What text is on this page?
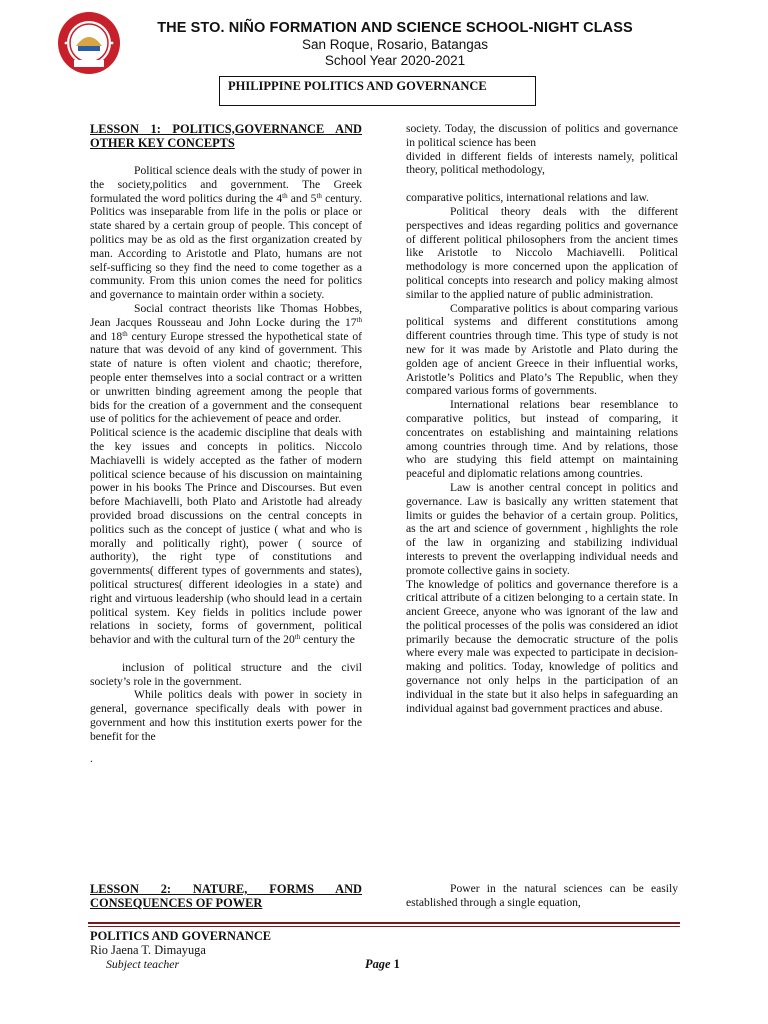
THE STO. NIÑO FORMATION AND SCIENCE SCHOOL-NIGHT CLASS
San Roque, Rosario, Batangas
School Year 2020-2021
PHILIPPINE POLITICS AND GOVERNANCE

LESSON 1: POLITICS,GOVERNANCE AND OTHER KEY CONCEPTS

Political science deals with the study of power in the society,politics and government. The Greek formulated the word politics during the 4th and 5th century. Politics was inseparable from life in the polis or place or state shared by a certain group of people. This concept of politics may be as old as the first organization created by man. According to Aristotle and Plato, humans are not self-sufficing so they find the need to come together as a community. From this union comes the need for politics and governance to maintain order within a society.

Social contract theorists like Thomas Hobbes, Jean Jacques Rousseau and John Locke during the 17th and 18th century Europe stressed the hypothetical state of nature that was devoid of any kind of government. This state of nature is often violent and chaotic; therefore, people enter themselves into a social contract or a written or unwritten binding agreement among the people that bids for the creation of a government and the consequent use of politics for the achievement of peace and order.

Political science is the academic discipline that deals with the key issues and concepts in politics. Niccolo Machiavelli is widely accepted as the father of modern political science because of his discussion on maintaining power in his books The Prince and Discourses. But even before Machiavelli, both Plato and Aristotle had already provided broad discussions on the central concepts in politics such as the concept of justice ( what and who is morally and politically right), power ( source of authority), the right type of constitutions and governments( different types of governments and states), political structures( different ideologies in a state) and right and virtuous leadership (who should lead in a certain political system. Key fields in politics include power relations in society, forms of government, political behavior and with the cultural turn of the 20th century the

inclusion of political structure and the civil society’s role in the government.

While politics deals with power in society in general, governance specifically deals with power in government and how this institution exerts power for the benefit for the

.

society. Today, the discussion of politics and governance in political science has been

divided in different fields of interests namely, political theory, political methodology,

comparative politics, international relations and law.

Political theory deals with the different perspectives and ideas regarding politics and governance of different political philosophers from the ancient times like Aristotle to Niccolo Machiavelli. Political methodology is more concerned upon the application of political concepts into research and policy making almost similar to the applied nature of public administration.

Comparative politics is about comparing various political systems and different constitutions among different countries through time. This type of study is not new for it was made by Aristotle and Plato during the golden age of ancient Greece in their influential works, Aristotle’s Politics and Plato’s The Republic, when they compared various forms of governments.

International relations bear resemblance to comparative politics, but instead of comparing, it concentrates on establishing and maintaining relations among countries through time. And by relations, those who are studying this field attempt on maintaining peaceful and diplomatic relations among countries.

Law is another central concept in politics and governance. Law is basically any written statement that limits or guides the behavior of a certain group. Politics, as the art and science of government , highlights the role of the law in organizing and stabilizing individual interests to prevent the overlapping individual needs and promote collective gains in society.

The knowledge of politics and governance therefore is a critical attribute of a citizen belonging to a certain state. In ancient Greece, anyone who was ignorant of the law and the political processes of the polis was considered an idiot primarily because the democratic structure of the polis where every male was expected to participate in decision-making and politics. Today, knowledge of politics and governance not only helps in the participation of an individual in the state but it also helps in safeguarding an individual against bad government practices and abuse.

LESSON 2: NATURE, FORMS AND CONSEQUENCES OF POWER
Power in the natural sciences can be easily established through a single equation,
POLITICS AND GOVERNANCE
Rio Jaena T. Dimayuga
Subject teacher	Page 1
